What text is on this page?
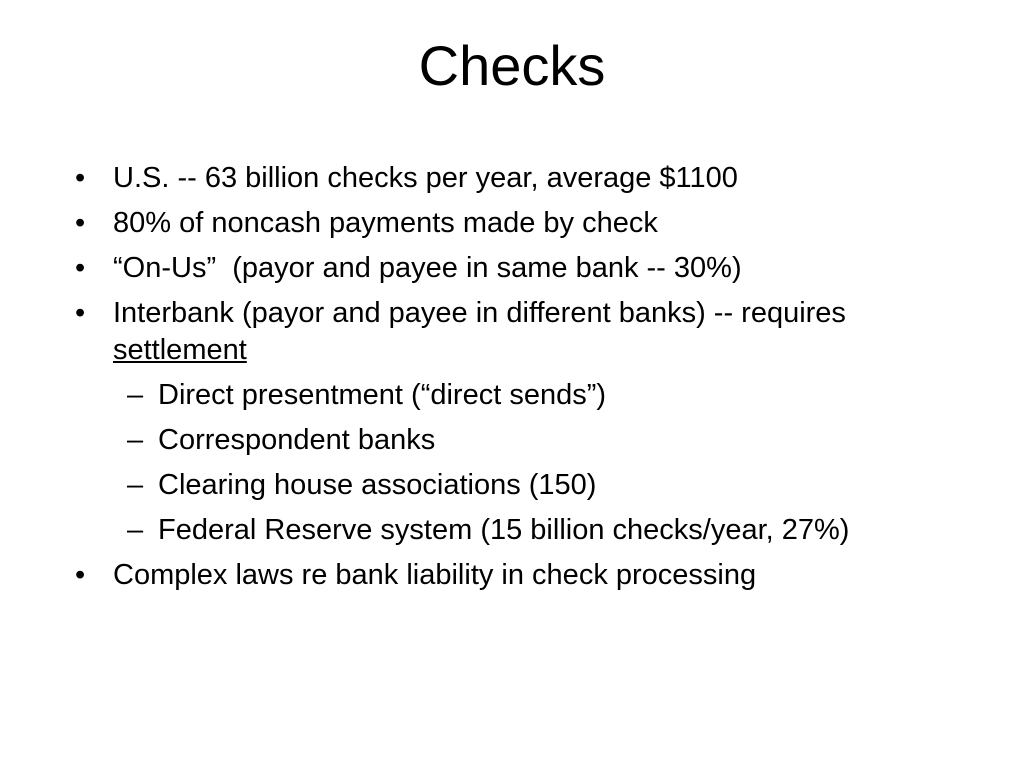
Checks
• U.S. -- 63 billion checks per year, average $1100
• 80% of noncash payments made by check
• “On-Us”  (payor and payee in same bank -- 30%)
• Interbank (payor and payee in different banks) -- requires settlement
– Direct presentment (“direct sends”)
– Correspondent banks
– Clearing house associations (150)
– Federal Reserve system (15 billion checks/year, 27%)
• Complex laws re bank liability in check processing
